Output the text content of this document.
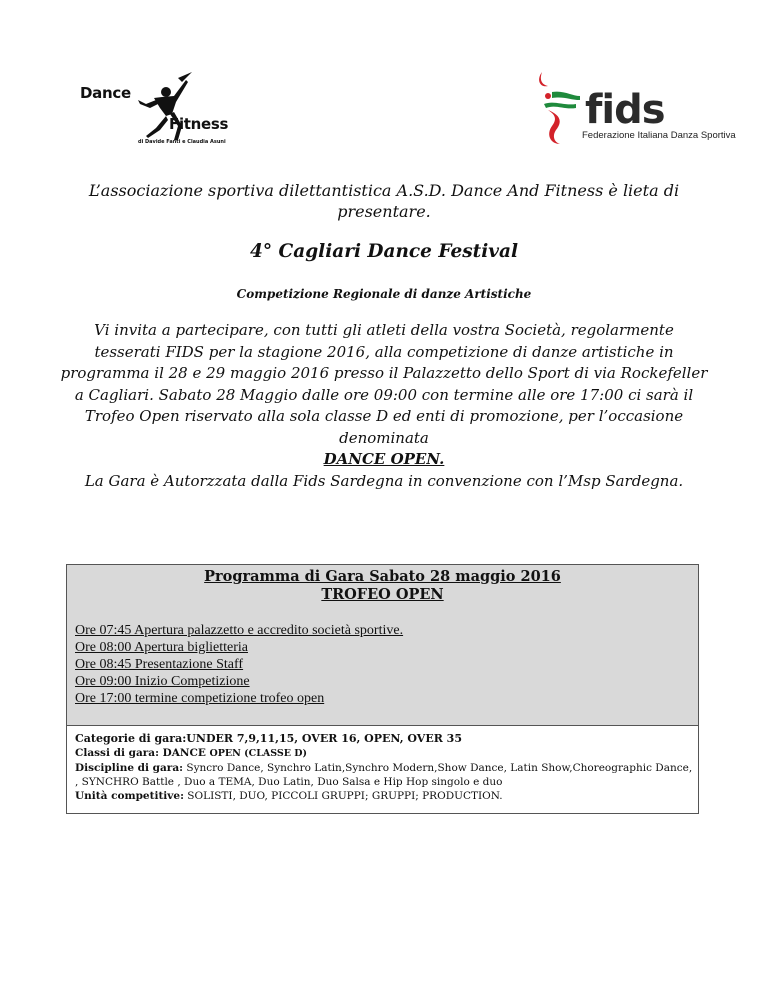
Dance
Fitness
di Davide Fanti e Claudia Asuni
fids
Federazione Italiana Danza Sportiva
L’associazione sportiva dilettantistica A.S.D. Dance And Fitness è lieta di presentare.
4° Cagliari Dance Festival
Competizione Regionale di danze Artistiche
Vi invita a partecipare, con tutti gli atleti della vostra Società, regolarmente tesserati FIDS per la stagione 2016, alla competizione di danze artistiche in programma il 28 e 29 maggio 2016 presso il Palazzetto dello Sport di via Rockefeller a Cagliari. Sabato 28 Maggio dalle ore 09:00 con termine alle ore 17:00 ci sarà il Trofeo Open riservato alla sola classe D ed enti di promozione, per l’occasione denominata
DANCE OPEN.
La Gara è Autorzzata dalla Fids Sardegna in convenzione con l’Msp Sardegna.
Programma di Gara Sabato 28 maggio 2016
TROFEO OPEN
Ore 07:45 Apertura palazzetto e accredito società sportive.
Ore 08:00 Apertura biglietteria
Ore 08:45 Presentazione Staff
Ore 09:00 Inizio Competizione
Ore 17:00 termine competizione trofeo open
Categorie di gara:UNDER 7,9,11,15, OVER 16, OPEN, OVER 35
Classi di gara: DANCE OPEN (CLASSE D)
Discipline di gara: Syncro Dance, Synchro Latin,Synchro Modern,Show Dance, Latin Show,Choreographic Dance, , SYNCHRO Battle , Duo a TEMA, Duo Latin, Duo Salsa e Hip Hop singolo e duo
Unità competitive: SOLISTI, DUO, PICCOLI GRUPPI; GRUPPI; PRODUCTION.
